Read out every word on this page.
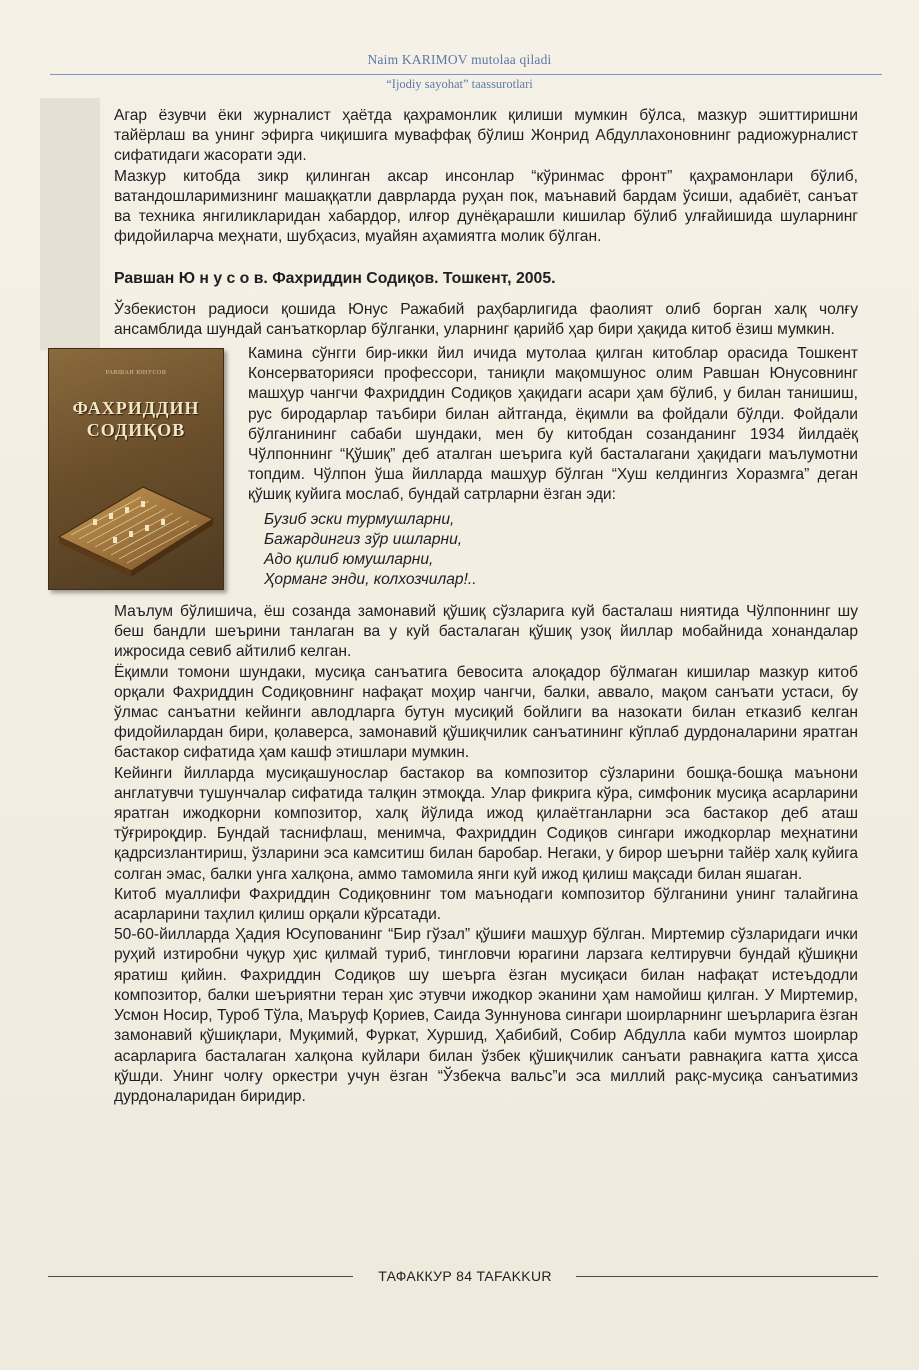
Naim KARIMOV mutolaa qiladi
“Ijodiy sayohat” taassurotlari

Агар ёзувчи ёки журналист ҳаётда қаҳрамонлик қилиши мумкин бўлса, мазкур эшиттиришни тайёрлаш ва унинг эфирга чиқишига муваффақ бўлиш Жонрид Абдуллахоновнинг радиожурналист сифатидаги жасорати эди.

Мазкур китобда зикр қилинган аксар инсонлар “кўринмас фронт” қаҳрамонлари бўлиб, ватандошларимизнинг машаққатли даврларда руҳан пок, маънавий бардам ўсиши, адабиёт, санъат ва техника янгиликларидан хабардор, илғор дунёқарашли кишилар бўлиб улғайишида шуларнинг фидойиларча меҳнати, шубҳасиз, муайян аҳамиятга молик бўлган.

Равшан Ю н у с о в. Фахриддин Содиқов. Тошкент, 2005.

Ўзбекистон радиоси қошида Юнус Ражабий раҳбарлигида фаолият олиб борган халқ чолғу ансамблида шундай санъаткорлар бўлганки, уларнинг қарийб ҳар бири ҳақида китоб ёзиш мумкин.

РАВШАН ЮНУСОВ
ФАХРИДДИН
СОДИҚОВ

Камина сўнгги бир-икки йил ичида мутолаа қилган китоблар орасида Тошкент Консерваторияси профессори, таниқли мақомшунос олим Равшан Юнусовнинг машҳур чангчи Фахриддин Содиқов ҳақидаги асари ҳам бўлиб, у билан танишиш, рус биродарлар таъбири билан айтганда, ёқимли ва фойдали бўлди. Фойдали бўлганининг сабаби шундаки, мен бу китобдан созанданинг 1934 йилдаёқ Чўлпоннинг “Қўшиқ” деб аталган шеърига куй басталагани ҳақидаги маълумотни топдим. Чўлпон ўша йилларда машҳур бўлган “Хуш келдингиз Хоразмга” деган қўшиқ куйига мослаб, бундай сатрларни ёзган эди:

Бузиб эски турмушларни,
Бажардингиз зўр ишларни,
Адо қилиб юмушларни,
Ҳорманг энди, колхозчилар!..

Маълум бўлишича, ёш созанда замонавий қўшиқ сўзларига куй басталаш ниятида Чўлпоннинг шу беш бандли шеърини танлаган ва у куй басталаган қўшиқ узоқ йиллар мобайнида хонандалар ижросида севиб айтилиб келган.

Ёқимли томони шундаки, мусиқа санъатига бевосита алоқадор бўлмаган кишилар мазкур китоб орқали Фахриддин Содиқовнинг нафақат моҳир чангчи, балки, аввало, мақом санъати устаси, бу ўлмас санъатни кейинги авлодларга бутун мусиқий бойлиги ва назокати билан етказиб келган фидойилардан бири, қолаверса, замонавий қўшиқчилик санъатининг кўплаб дурдоналарини яратган бастакор сифатида ҳам кашф этишлари мумкин.

Кейинги йилларда мусиқашунослар бастакор ва композитор сўзларини бошқа-бошқа маънони англатувчи тушунчалар сифатида талқин этмоқда. Улар фикрига кўра, симфоник мусиқа асарларини яратган ижодкорни композитор, халқ йўлида ижод қилаётганларни эса бастакор деб аташ тўғрироқдир. Бундай таснифлаш, менимча, Фахриддин Содиқов сингари ижодкорлар меҳнатини қадрсизлантириш, ўзларини эса камситиш билан баробар. Негаки, у бирор шеърни тайёр халқ куйига солган эмас, балки унга халқона, аммо тамомила янги куй ижод қилиш мақсади билан яшаган.

Китоб муаллифи Фахриддин Содиқовнинг том маънодаги композитор бўлганини унинг талайгина асарларини таҳлил қилиш орқали кўрсатади.

50-60-йилларда Ҳадия Юсупованинг “Бир гўзал” қўшиғи машҳур бўлган. Миртемир сўзларидаги ички руҳий изтиробни чуқур ҳис қилмай туриб, тингловчи юрагини ларзага келтирувчи бундай қўшиқни яратиш қийин. Фахриддин Содиқов шу шеърга ёзган мусиқаси билан нафақат истеъдодли композитор, балки шеъриятни теран ҳис этувчи ижодкор эканини ҳам намойиш қилган. У Миртемир, Усмон Носир, Туроб Тўла, Маъруф Қориев, Саида Зуннунова сингари шоирларнинг шеърларига ёзган замонавий қўшиқлари, Муқимий, Фуркат, Хуршид, Ҳабибий, Собир Абдулла каби мумтоз шоирлар асарларига басталаган халқона куйлари билан ўзбек қўшиқчилик санъати равнақига катта ҳисса қўшди. Унинг чолғу оркестри учун ёзган “Ўзбекча вальс”и эса миллий рақс-мусиқа санъатимиз дурдоналаридан биридир.

ТАФАККУР 84 TAFAKKUR
